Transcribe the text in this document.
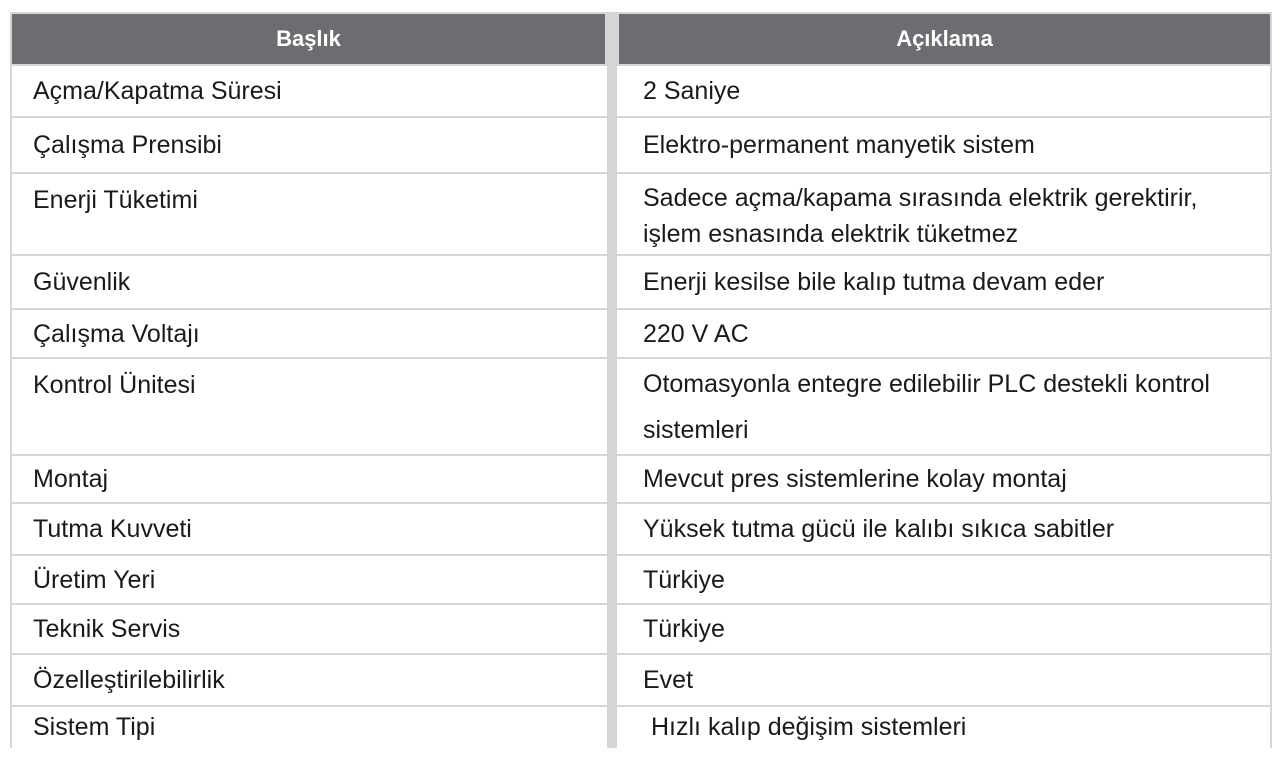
Başlık	Açıklama
Açma/Kapatma Süresi	2 Saniye
Çalışma Prensibi	Elektro-permanent manyetik sistem
Enerji Tüketimi	Sadece açma/kapama sırasında elektrik gerektirir, işlem esnasında elektrik tüketmez
Güvenlik	Enerji kesilse bile kalıp tutma devam eder
Çalışma Voltajı	220 V AC
Kontrol Ünitesi	Otomasyonla entegre edilebilir PLC destekli kontrol sistemleri
Montaj	Mevcut pres sistemlerine kolay montaj
Tutma Kuvveti	Yüksek tutma gücü ile kalıbı sıkıca sabitler
Üretim Yeri	Türkiye
Teknik Servis	Türkiye
Özelleştirilebilirlik	Evet
Sistem Tipi	Hızlı kalıp değişim sistemleri
